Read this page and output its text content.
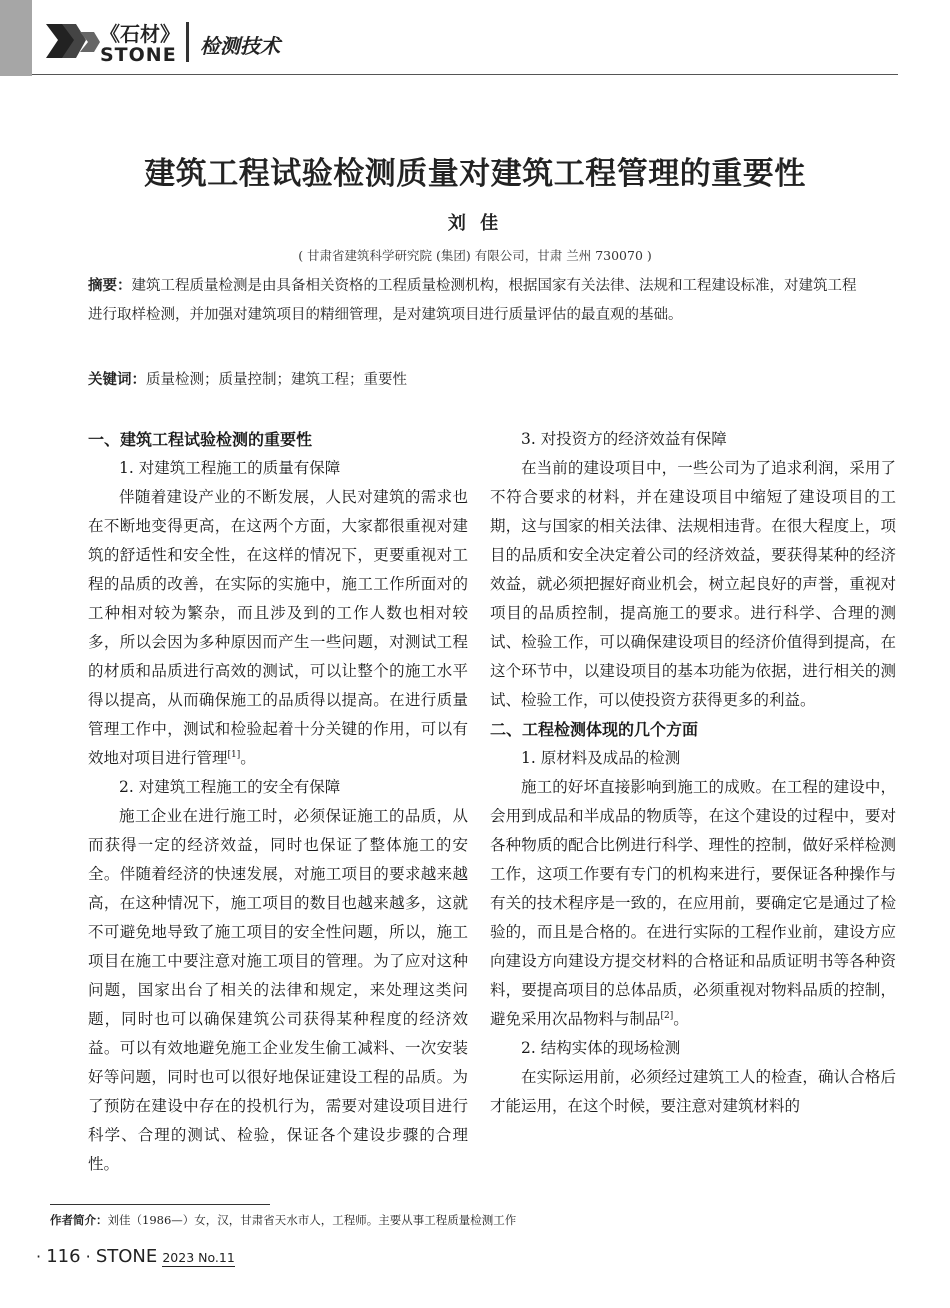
《石材》
STONE 检测技术
建筑工程试验检测质量对建筑工程管理的重要性
刘 佳
( 甘肃省建筑科学研究院 (集团) 有限公司，甘肃 兰州 730070 )
摘要：建筑工程质量检测是由具备相关资格的工程质量检测机构，根据国家有关法律、法规和工程建设标准，对建筑工程进行取样检测，并加强对建筑项目的精细管理，是对建筑项目进行质量评估的最直观的基础。
关键词：质量检测；质量控制；建筑工程；重要性
一、建筑工程试验检测的重要性
1. 对建筑工程施工的质量有保障

伴随着建设产业的不断发展，人民对建筑的需求也在不断地变得更高，在这两个方面，大家都很重视对建筑的舒适性和安全性，在这样的情况下，更要重视对工程的品质的改善，在实际的实施中，施工工作所面对的工种相对较为繁杂，而且涉及到的工作人数也相对较多，所以会因为多种原因而产生一些问题，对测试工程的材质和品质进行高效的测试，可以让整个的施工水平得以提高，从而确保施工的品质得以提高。在进行质量管理工作中，测试和检验起着十分关键的作用，可以有效地对项目进行管理[1]。

2. 对建筑工程施工的安全有保障

施工企业在进行施工时，必须保证施工的品质，从而获得一定的经济效益，同时也保证了整体施工的安全。伴随着经济的快速发展，对施工项目的要求越来越高，在这种情况下，施工项目的数目也越来越多，这就不可避免地导致了施工项目的安全性问题，所以，施工项目在施工中要注意对施工项目的管理。为了应对这种问题，国家出台了相关的法律和规定，来处理这类问题，同时也可以确保建筑公司获得某种程度的经济效益。可以有效地避免施工企业发生偷工减料、一次安装好等问题，同时也可以很好地保证建设工程的品质。为了预防在建设中存在的投机行为，需要对建设项目进行科学、合理的测试、检验，保证各个建设步骤的合理性。

3. 对投资方的经济效益有保障

在当前的建设项目中，一些公司为了追求利润，采用了不符合要求的材料，并在建设项目中缩短了建设项目的工期，这与国家的相关法律、法规相违背。在很大程度上，项目的品质和安全决定着公司的经济效益，要获得某种的经济效益，就必须把握好商业机会，树立起良好的声誉，重视对项目的品质控制，提高施工的要求。进行科学、合理的测试、检验工作，可以确保建设项目的经济价值得到提高，在这个环节中，以建设项目的基本功能为依据，进行相关的测试、检验工作，可以使投资方获得更多的利益。

二、工程检测体现的几个方面
1. 原材料及成品的检测

施工的好坏直接影响到施工的成败。在工程的建设中，会用到成品和半成品的物质等，在这个建设的过程中，要对各种物质的配合比例进行科学、理性的控制，做好采样检测工作，这项工作要有专门的机构来进行，要保证各种操作与有关的技术程序是一致的，在应用前，要确定它是通过了检验的，而且是合格的。在进行实际的工程作业前，建设方应向建设方向建设方提交材料的合格证和品质证明书等各种资料，要提高项目的总体品质，必须重视对物料品质的控制，避免采用次品物料与制品[2]。

2. 结构实体的现场检测

在实际运用前，必须经过建筑工人的检查，确认合格后才能运用，在这个时候，要注意对建筑材料的

作者简介：刘佳（1986—）女，汉，甘肃省天水市人，工程师。主要从事工程质量检测工作
· 116 · STONE 2023 No.11
